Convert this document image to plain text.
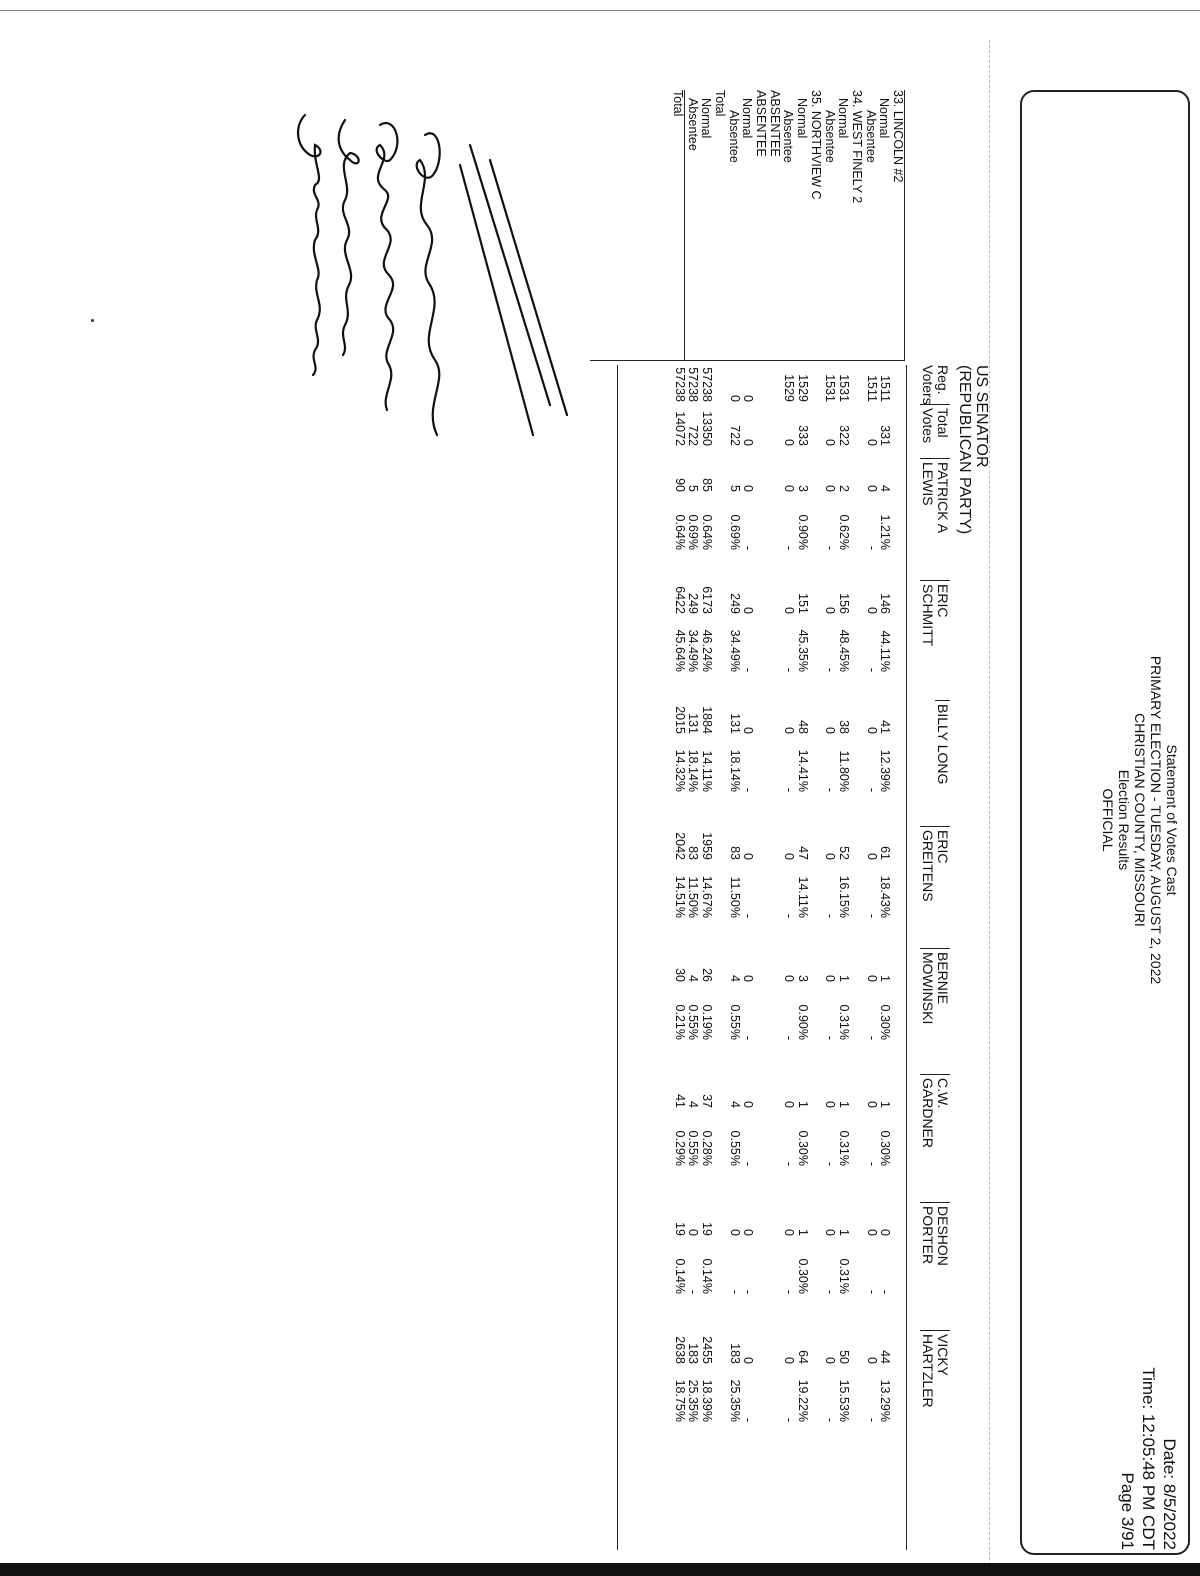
Statement of Votes Cast
PRIMARY ELECTION - TUESDAY, AUGUST 2, 2022
CHRISTIAN COUNTY, MISSOURI
Election Results
OFFICIAL
Date: 8/5/2022
Time: 12:05:48 PM CDT
Page 3/91
US SENATOR
(REPUBLICAN PARTY)
Reg.
Voters
Total
Votes
PATRICK A
LEWIS
ERIC
SCHMITT
BILLY LONG
ERIC
GREITENS
BERNIE
MOWINSKI
C.W.
GARDNER
DESHON
PORTER
VICKY
HARTZLER
33. LINCOLN #2
Normal
Absentee
34. WEST FINELY 2
Normal
Absentee
35. NORTHVIEW C
Normal
Absentee
ABSENTEE
ABSENTEE
Normal
Absentee
Total
Normal
Absentee
Total
1511
331
4
1.21%
146
44.11%
41
12.39%
61
18.43%
1
0.30%
1
0.30%
0
-
44
13.29%
1511
0
0
-
0
-
0
-
0
-
0
-
0
-
0
-
0
-
1531
322
2
0.62%
156
48.45%
38
11.80%
52
16.15%
1
0.31%
1
0.31%
1
0.31%
50
15.53%
1531
0
0
-
0
-
0
-
0
-
0
-
0
-
0
-
0
-
1529
333
3
0.90%
151
45.35%
48
14.41%
47
14.11%
3
0.90%
1
0.30%
1
0.30%
64
19.22%
1529
0
0
-
0
-
0
-
0
-
0
-
0
-
0
-
0
-
0
0
0
-
0
-
0
-
0
-
0
-
0
-
0
-
0
-
0
722
5
0.69%
249
34.49%
131
18.14%
83
11.50%
4
0.55%
4
0.55%
0
-
183
25.35%
57238
13350
85
0.64%
6173
46.24%
1884
14.11%
1959
14.67%
26
0.19%
37
0.28%
19
0.14%
2455
18.39%
57238
722
5
0.69%
249
34.49%
131
18.14%
83
11.50%
4
0.55%
4
0.55%
0
-
183
25.35%
57238
14072
90
0.64%
6422
45.64%
2015
14.32%
2042
14.51%
30
0.21%
41
0.29%
19
0.14%
2638
18.75%
